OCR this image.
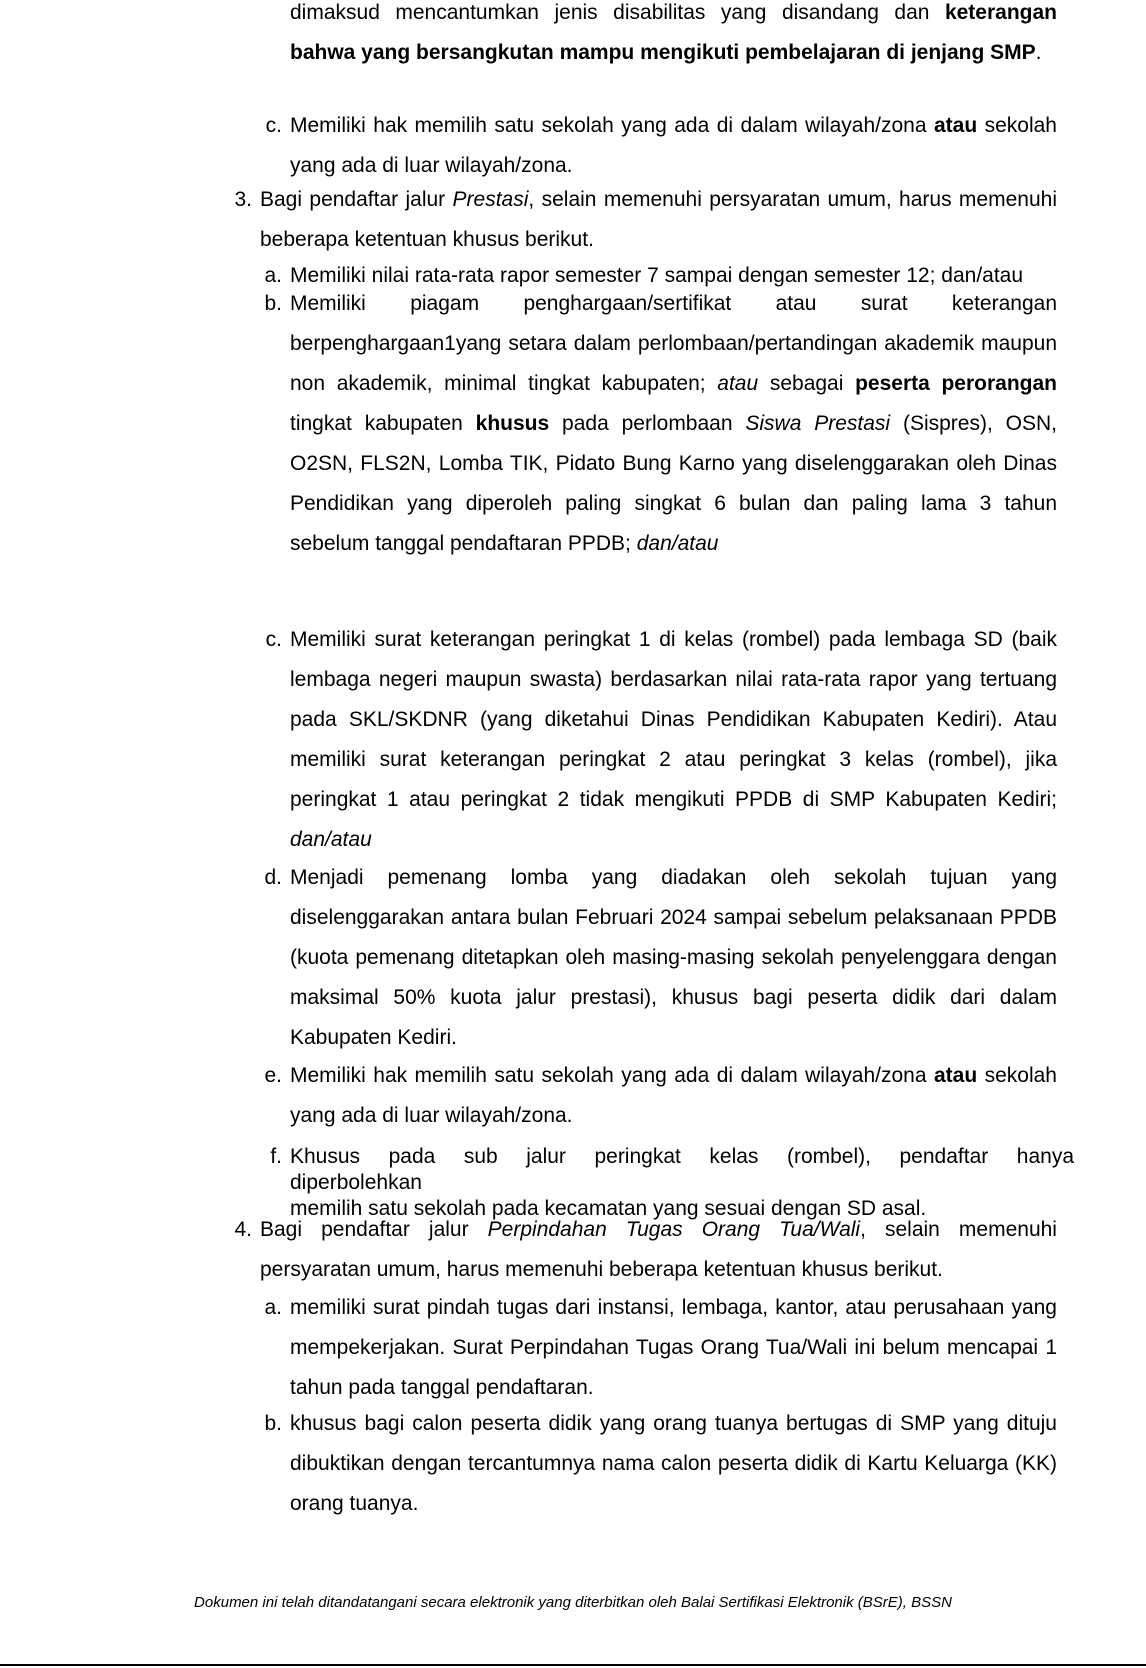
dimaksud mencantumkan jenis disabilitas yang disandang dan keterangan bahwa yang bersangkutan mampu mengikuti pembelajaran di jenjang SMP.

c. Memiliki hak memilih satu sekolah yang ada di dalam wilayah/zona atau sekolah yang ada di luar wilayah/zona.

3. Bagi pendaftar jalur Prestasi, selain memenuhi persyaratan umum, harus memenuhi beberapa ketentuan khusus berikut.

a. Memiliki nilai rata-rata rapor semester 7 sampai dengan semester 12; dan/atau

b. Memiliki piagam penghargaan/sertifikat atau surat keterangan berpenghargaan1yang setara dalam perlombaan/pertandingan akademik maupun non akademik, minimal tingkat kabupaten; atau sebagai peserta perorangan tingkat kabupaten khusus pada perlombaan Siswa Prestasi (Sispres), OSN, O2SN, FLS2N, Lomba TIK, Pidato Bung Karno yang diselenggarakan oleh Dinas Pendidikan yang diperoleh paling singkat 6 bulan dan paling lama 3 tahun sebelum tanggal pendaftaran PPDB; dan/atau

c. Memiliki surat keterangan peringkat 1 di kelas (rombel) pada lembaga SD (baik lembaga negeri maupun swasta) berdasarkan nilai rata-rata rapor yang tertuang pada SKL/SKDNR (yang diketahui Dinas Pendidikan Kabupaten Kediri). Atau memiliki surat keterangan peringkat 2 atau peringkat 3 kelas (rombel), jika peringkat 1 atau peringkat 2 tidak mengikuti PPDB di SMP Kabupaten Kediri; dan/atau

d. Menjadi pemenang lomba yang diadakan oleh sekolah tujuan yang diselenggarakan antara bulan Februari 2024 sampai sebelum pelaksanaan PPDB (kuota pemenang ditetapkan oleh masing-masing sekolah penyelenggara dengan maksimal 50% kuota jalur prestasi), khusus bagi peserta didik dari dalam Kabupaten Kediri.

e. Memiliki hak memilih satu sekolah yang ada di dalam wilayah/zona atau sekolah yang ada di luar wilayah/zona.

f. Khusus pada sub jalur peringkat kelas (rombel), pendaftar hanya
diperbolehkan
memilih satu sekolah pada kecamatan yang sesuai dengan SD asal.

4. Bagi pendaftar jalur Perpindahan Tugas Orang Tua/Wali, selain memenuhi persyaratan umum, harus memenuhi beberapa ketentuan khusus berikut.

a. memiliki surat pindah tugas dari instansi, lembaga, kantor, atau perusahaan yang mempekerjakan. Surat Perpindahan Tugas Orang Tua/Wali ini belum mencapai 1 tahun pada tanggal pendaftaran.

b. khusus bagi calon peserta didik yang orang tuanya bertugas di SMP yang dituju dibuktikan dengan tercantumnya nama calon peserta didik di Kartu Keluarga (KK) orang tuanya.

Dokumen ini telah ditandatangani secara elektronik yang diterbitkan oleh Balai Sertifikasi Elektronik (BSrE), BSSN
